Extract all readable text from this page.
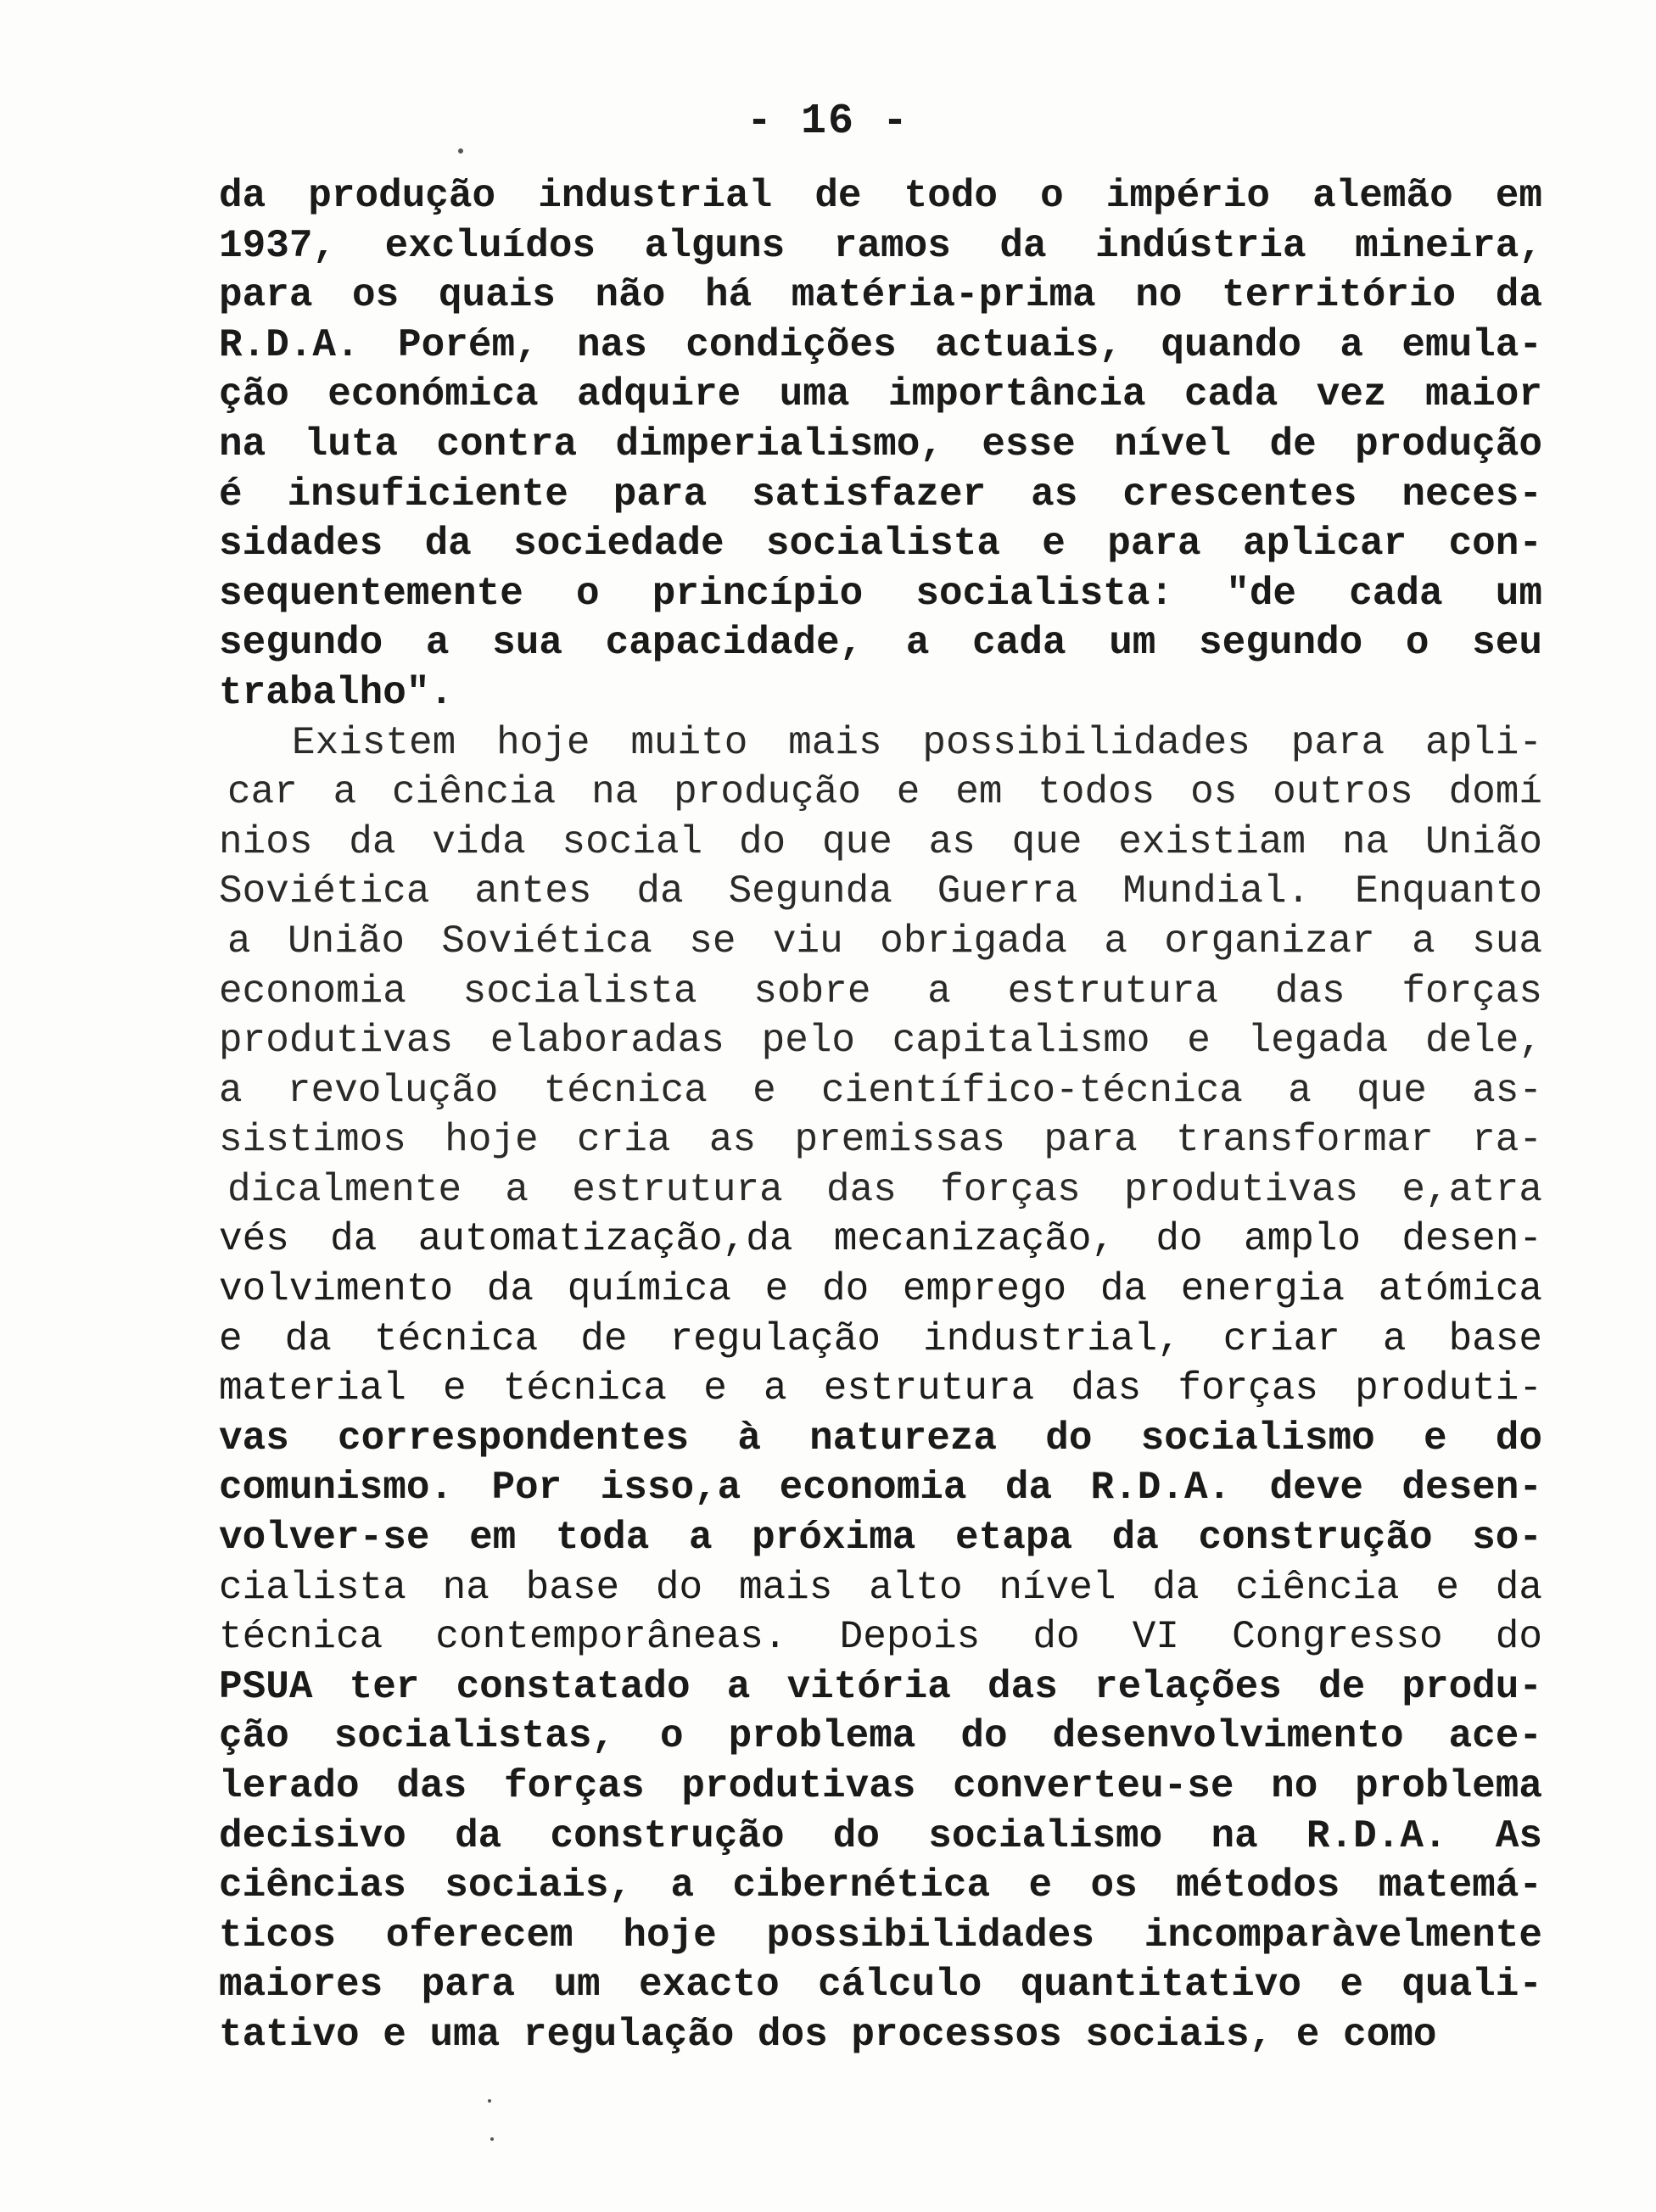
- 16 -
da produção industrial de todo o império alemão em
1937, excluídos alguns ramos da indústria mineira,
para os quais não há matéria-prima no território da
R.D.A. Porém, nas condições actuais, quando a emula-
ção económica adquire uma importância cada vez maior
na luta contra dimperialismo, esse nível de produção
é insuficiente para satisfazer as crescentes neces-
sidades da sociedade socialista e para aplicar con-
sequentemente o princípio socialista: "de cada um
segundo a sua capacidade, a cada um segundo o seu
trabalho".
Existem hoje muito mais possibilidades para apli-
car a ciência na produção e em todos os outros domí
nios da vida social do que as que existiam na União
Soviética antes da Segunda Guerra Mundial. Enquanto
a União Soviética se viu obrigada a organizar a sua
economia socialista sobre a estrutura das forças
produtivas elaboradas pelo capitalismo e legada dele,
a revolução técnica e científico-técnica a que as-
sistimos hoje cria as premissas para transformar ra-
dicalmente a estrutura das forças produtivas e,atra
vés da automatização,da mecanização, do amplo desen-
volvimento da química e do emprego da energia atómica
e da técnica de regulação industrial, criar a base
material e técnica e a estrutura das forças produti-
vas correspondentes à natureza do socialismo e do
comunismo. Por isso,a economia da R.D.A. deve desen-
volver-se em toda a próxima etapa da construção so-
cialista na base do mais alto nível da ciência e da
técnica contemporâneas. Depois do VI Congresso do
PSUA ter constatado a vitória das relações de produ-
ção socialistas, o problema do desenvolvimento ace-
lerado das forças produtivas converteu-se no problema
decisivo da construção do socialismo na R.D.A. As
ciências sociais, a cibernética e os métodos matemá-
ticos oferecem hoje possibilidades incomparàvelmente
maiores para um exacto cálculo quantitativo e quali-
tativo e uma regulação dos processos sociais, e como
